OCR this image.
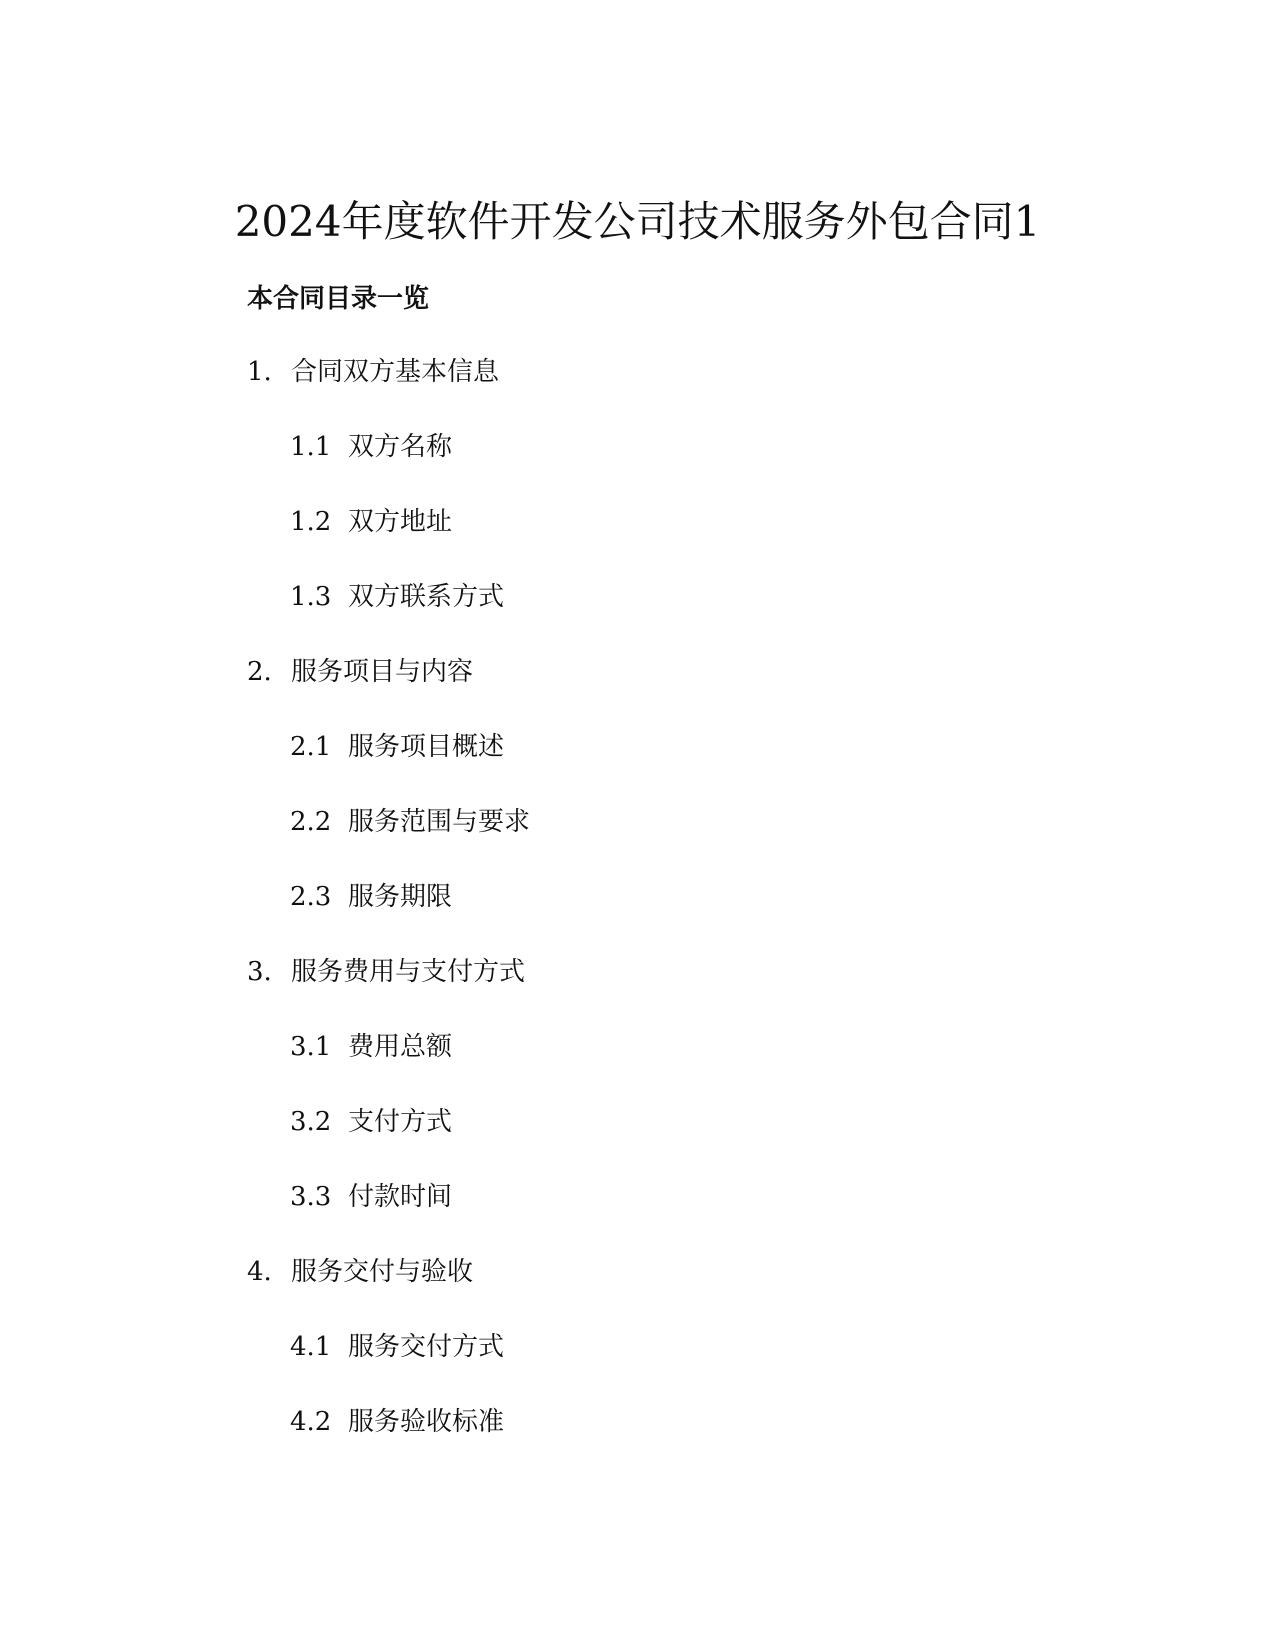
2024年度软件开发公司技术服务外包合同1
本合同目录一览
1. 合同双方基本信息
1.1 双方名称
1.2 双方地址
1.3 双方联系方式
2. 服务项目与内容
2.1 服务项目概述
2.2 服务范围与要求
2.3 服务期限
3. 服务费用与支付方式
3.1 费用总额
3.2 支付方式
3.3 付款时间
4. 服务交付与验收
4.1 服务交付方式
4.2 服务验收标准
